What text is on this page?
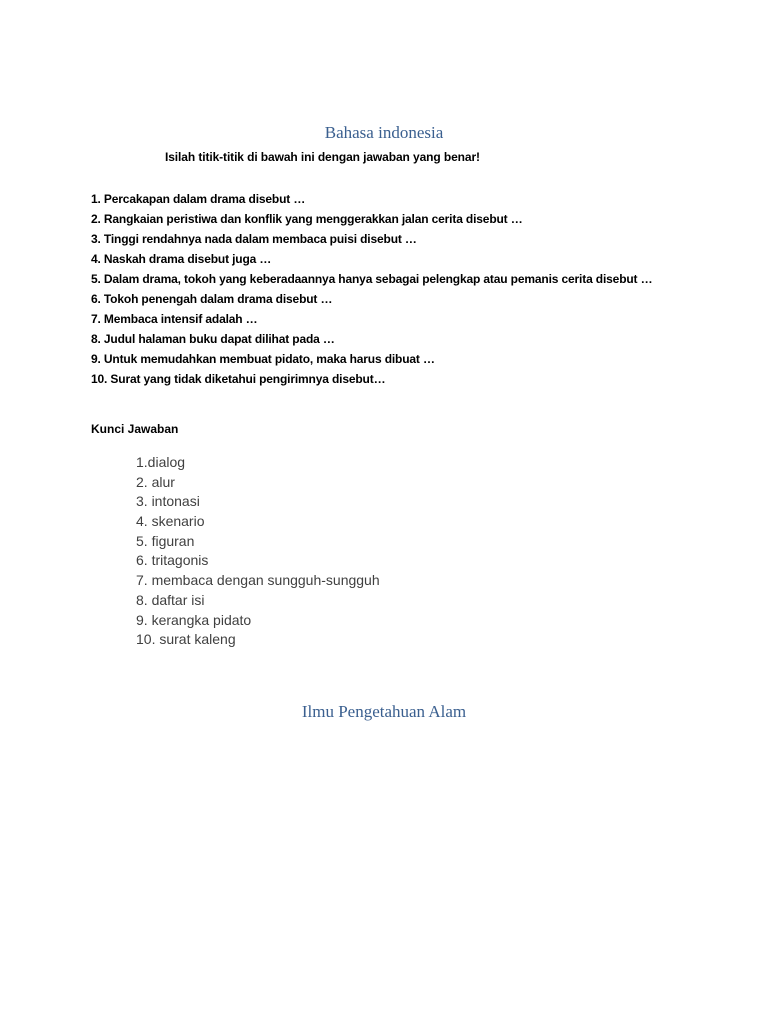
Bahasa indonesia

Isilah titik-titik di bawah ini dengan jawaban yang benar!

1. Percakapan dalam drama disebut …
2. Rangkaian peristiwa dan konflik yang menggerakkan jalan cerita disebut …
3. Tinggi rendahnya nada dalam membaca puisi disebut …
4. Naskah drama disebut juga …
5. Dalam drama, tokoh yang keberadaannya hanya sebagai pelengkap atau pemanis cerita disebut …
6. Tokoh penengah dalam drama disebut …
7. Membaca intensif adalah …
8. Judul halaman buku dapat dilihat pada …
9. Untuk memudahkan membuat pidato, maka harus dibuat …
10. Surat yang tidak diketahui pengirimnya disebut…

Kunci Jawaban

1.dialog
2. alur
3. intonasi
4. skenario
5. figuran
6. tritagonis
7. membaca dengan sungguh-sungguh
8. daftar isi
9. kerangka pidato
10. surat kaleng
Ilmu Pengetahuan Alam
